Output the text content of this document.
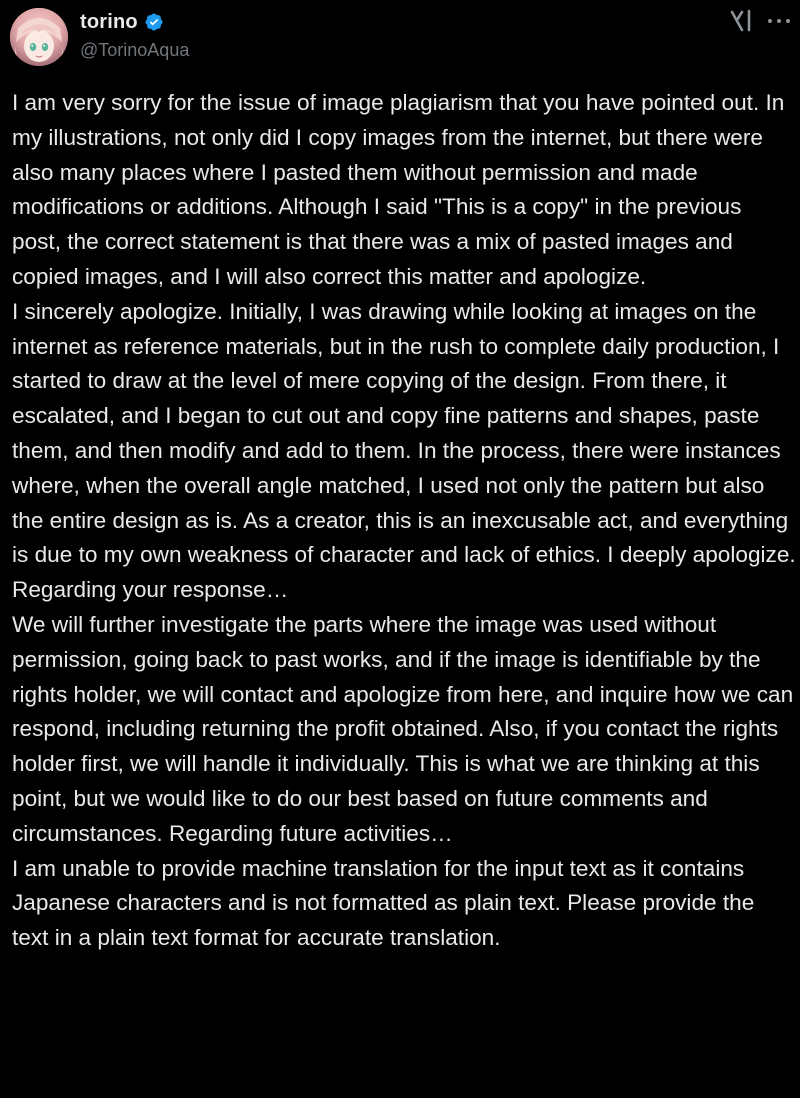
torino
@TorinoAqua

I am very sorry for the issue of image plagiarism that you have pointed out. In my illustrations, not only did I copy images from the internet, but there were also many places where I pasted them without permission and made modifications or additions. Although I said "This is a copy" in the previous post, the correct statement is that there was a mix of pasted images and copied images, and I will also correct this matter and apologize.

I sincerely apologize. Initially, I was drawing while looking at images on the internet as reference materials, but in the rush to complete daily production, I started to draw at the level of mere copying of the design. From there, it escalated, and I began to cut out and copy fine patterns and shapes, paste them, and then modify and add to them. In the process, there were instances where, when the overall angle matched, I used not only the pattern but also the entire design as is. As a creator, this is an inexcusable act, and everything is due to my own weakness of character and lack of ethics. I deeply apologize. Regarding your response…

We will further investigate the parts where the image was used without permission, going back to past works, and if the image is identifiable by the rights holder, we will contact and apologize from here, and inquire how we can respond, including returning the profit obtained. Also, if you contact the rights holder first, we will handle it individually. This is what we are thinking at this point, but we would like to do our best based on future comments and circumstances. Regarding future activities…

I am unable to provide machine translation for the input text as it contains Japanese characters and is not formatted as plain text. Please provide the text in a plain text format for accurate translation.
